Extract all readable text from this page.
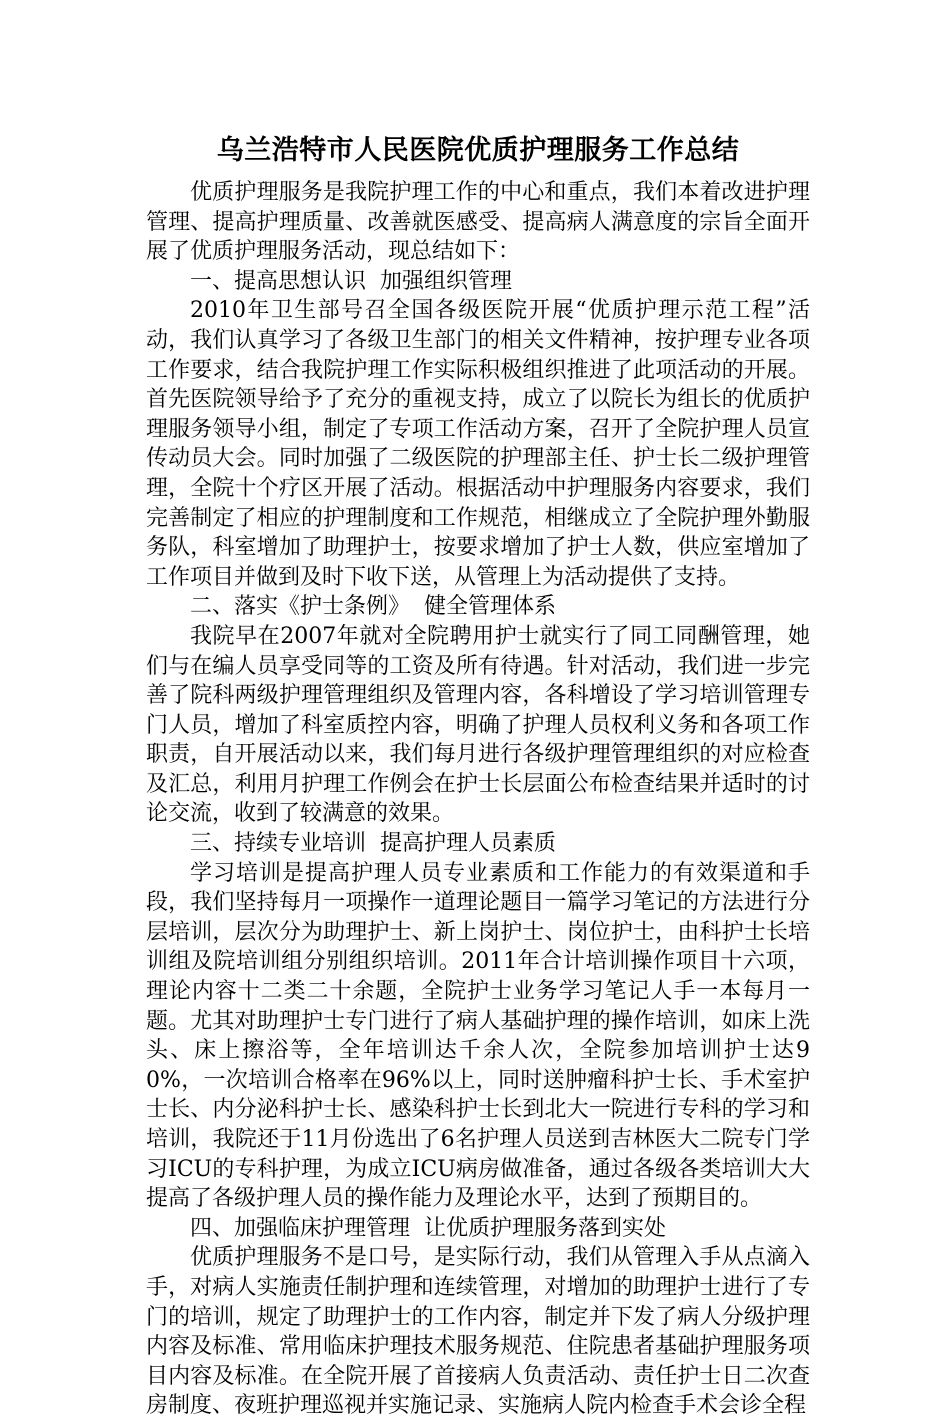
乌兰浩特市人民医院优质护理服务工作总结

优质护理服务是我院护理工作的中心和重点，我们本着改进护理管理、提高护理质量、改善就医感受、提高病人满意度的宗旨全面开展了优质护理服务活动，现总结如下：

一、提高思想认识  加强组织管理

2010年卫生部号召全国各级医院开展“优质护理示范工程”活动，我们认真学习了各级卫生部门的相关文件精神，按护理专业各项工作要求，结合我院护理工作实际积极组织推进了此项活动的开展。首先医院领导给予了充分的重视支持，成立了以院长为组长的优质护理服务领导小组，制定了专项工作活动方案，召开了全院护理人员宣传动员大会。同时加强了二级医院的护理部主任、护士长二级护理管理，全院十个疗区开展了活动。根据活动中护理服务内容要求，我们完善制定了相应的护理制度和工作规范，相继成立了全院护理外勤服务队，科室增加了助理护士，按要求增加了护士人数，供应室增加了工作项目并做到及时下收下送，从管理上为活动提供了支持。

二、落实《护士条例》  健全管理体系

我院早在2007年就对全院聘用护士就实行了同工同酬管理，她们与在编人员享受同等的工资及所有待遇。针对活动，我们进一步完善了院科两级护理管理组织及管理内容，各科增设了学习培训管理专门人员，增加了科室质控内容，明确了护理人员权利义务和各项工作职责，自开展活动以来，我们每月进行各级护理管理组织的对应检查及汇总，利用月护理工作例会在护士长层面公布检查结果并适时的讨论交流，收到了较满意的效果。

三、持续专业培训  提高护理人员素质

学习培训是提高护理人员专业素质和工作能力的有效渠道和手段，我们坚持每月一项操作一道理论题目一篇学习笔记的方法进行分层培训，层次分为助理护士、新上岗护士、岗位护士，由科护士长培训组及院培训组分别组织培训。2011年合计培训操作项目十六项，理论内容十二类二十余题，全院护士业务学习笔记人手一本每月一题。尤其对助理护士专门进行了病人基础护理的操作培训，如床上洗头、床上擦浴等，全年培训达千余人次，全院参加培训护士达90%，一次培训合格率在96%以上，同时送肿瘤科护士长、手术室护士长、内分泌科护士长、感染科护士长到北大一院进行专科的学习和培训，我院还于11月份选出了6名护理人员送到吉林医大二院专门学习ICU的专科护理，为成立ICU病房做准备，通过各级各类培训大大提高了各级护理人员的操作能力及理论水平，达到了预期目的。

四、加强临床护理管理  让优质护理服务落到实处

优质护理服务不是口号，是实际行动，我们从管理入手从点滴入手，对病人实施责任制护理和连续管理，对增加的助理护士进行了专门的培训，规定了助理护士的工作内容，制定并下发了病人分级护理内容及标准、常用临床护理技术服务规范、住院患者基础护理服务项目内容及标准。在全院开展了首接病人负责活动、责任护士日二次查房制度、夜班护理巡视并实施记录、实施病人院内检查手术会诊全程
